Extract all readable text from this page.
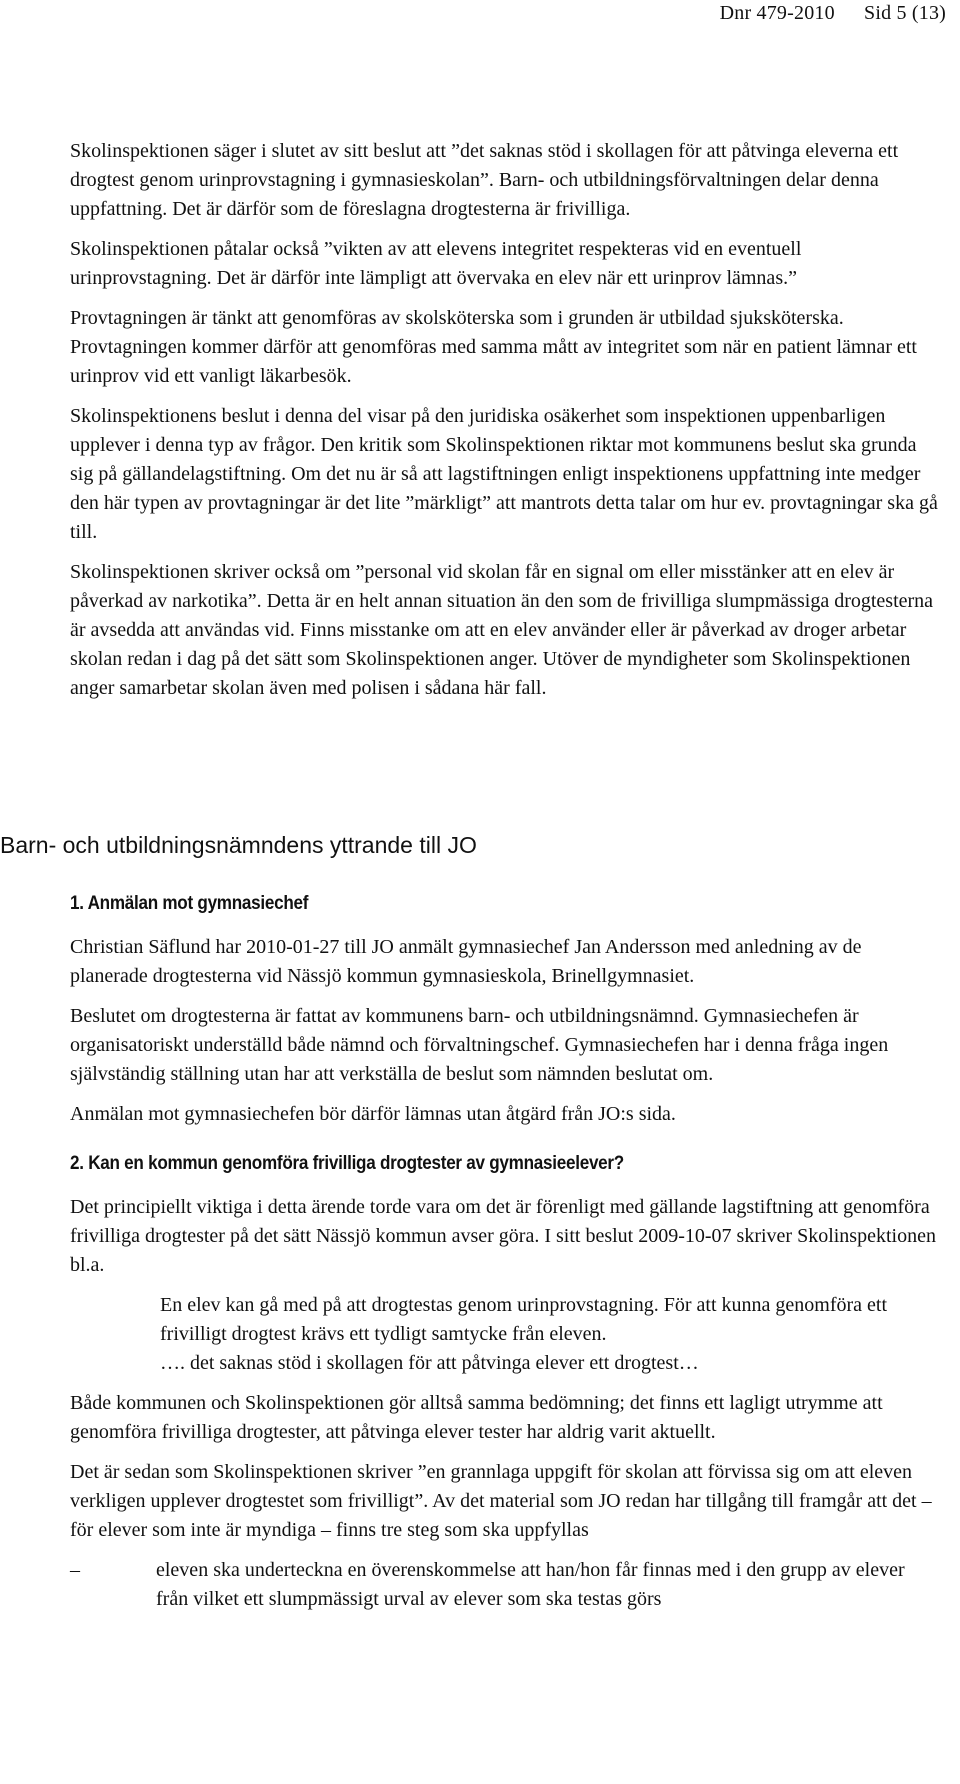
Dnr 479-2010 Sid 5 (13)

Skolinspektionen säger i slutet av sitt beslut att ”det saknas stöd i skollagen för att påtvinga eleverna ett drogtest genom urinprovstagning i gymnasieskolan”. Barn- och utbildningsförvaltningen delar denna uppfattning. Det är därför som de föreslagna drogtesterna är frivilliga.

Skolinspektionen påtalar också ”vikten av att elevens integritet respekteras vid en eventuell urinprovstagning. Det är därför inte lämpligt att övervaka en elev när ett urinprov lämnas.”

Provtagningen är tänkt att genomföras av skolsköterska som i grunden är utbildad sjuksköterska. Provtagningen kommer därför att genomföras med samma mått av integritet som när en patient lämnar ett urinprov vid ett vanligt läkarbesök.

Skolinspektionens beslut i denna del visar på den juridiska osäkerhet som inspektionen uppenbarligen upplever i denna typ av frågor. Den kritik som Skolinspektionen riktar mot kommunens beslut ska grunda sig på gällandelagstiftning. Om det nu är så att lagstiftningen enligt inspektionens uppfattning inte medger den här typen av provtagningar är det lite ”märkligt” att mantrots detta talar om hur ev. provtagningar ska gå till.

Skolinspektionen skriver också om ”personal vid skolan får en signal om eller misstänker att en elev är påverkad av narkotika”. Detta är en helt annan situation än den som de frivilliga slumpmässiga drogtesterna är avsedda att användas vid. Finns misstanke om att en elev använder eller är påverkad av droger arbetar skolan redan i dag på det sätt som Skolinspektionen anger. Utöver de myndigheter som Skolinspektionen anger samarbetar skolan även med polisen i sådana här fall.

Barn- och utbildningsnämndens yttrande till JO
1. Anmälan mot gymnasiechef

Christian Säflund har 2010-01-27 till JO anmält gymnasiechef Jan Andersson med anledning av de planerade drogtesterna vid Nässjö kommun gymnasieskola, Brinellgymnasiet.

Beslutet om drogtesterna är fattat av kommunens barn- och utbildningsnämnd. Gymnasiechefen är organisatoriskt underställd både nämnd och förvaltningschef. Gymnasiechefen har i denna fråga ingen självständig ställning utan har att verkställa de beslut som nämnden beslutat om.

Anmälan mot gymnasiechefen bör därför lämnas utan åtgärd från JO:s sida.

2. Kan en kommun genomföra frivilliga drogtester av gymnasieelever?

Det principiellt viktiga i detta ärende torde vara om det är förenligt med gällande lagstiftning att genomföra frivilliga drogtester på det sätt Nässjö kommun avser göra. I sitt beslut 2009-10-07 skriver Skolinspektionen bl.a.

En elev kan gå med på att drogtestas genom urinprovstagning. För att kunna genomföra ett frivilligt drogtest krävs ett tydligt samtycke från eleven.

…. det saknas stöd i skollagen för att påtvinga elever ett drogtest…

Både kommunen och Skolinspektionen gör alltså samma bedömning; det finns ett lagligt utrymme att genomföra frivilliga drogtester, att påtvinga elever tester har aldrig varit aktuellt.

Det är sedan som Skolinspektionen skriver ”en grannlaga uppgift för skolan att förvissa sig om att eleven verkligen upplever drogtestet som frivilligt”. Av det material som JO redan har tillgång till framgår att det – för elever som inte är myndiga – finns tre steg som ska uppfyllas

–	eleven ska underteckna en överenskommelse att han/hon får finnas med i den grupp av elever från vilket ett slumpmässigt urval av elever som ska testas görs
